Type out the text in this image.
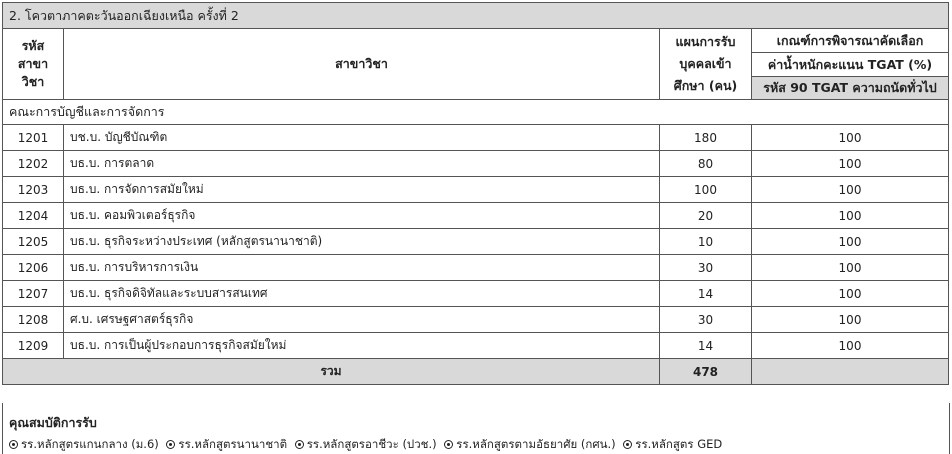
2. โควตาภาคตะวันออกเฉียงเหนือ ครั้งที่ 2			
รหัส สาขาวิชา	สาขาวิชา	แผนการรับ บุคคลเข้าศึกษา (คน)	เกณฑ์การพิจารณาคัดเลือก
			ค่าน้ำหนักคะแนน TGAT (%)
			รหัส 90 TGAT ความถนัดทั่วไป
คณะการบัญชีและการจัดการ			
1201	บช.บ. บัญชีบัณฑิต	180	100
1202	บธ.บ. การตลาด	80	100
1203	บธ.บ. การจัดการสมัยใหม่	100	100
1204	บธ.บ. คอมพิวเตอร์ธุรกิจ	20	100
1205	บธ.บ. ธุรกิจระหว่างประเทศ (หลักสูตรนานาชาติ)	10	100
1206	บธ.บ. การบริหารการเงิน	30	100
1207	บธ.บ. ธุรกิจดิจิทัลและระบบสารสนเทศ	14	100
1208	ศ.บ. เศรษฐศาสตร์ธุรกิจ	30	100
1209	บธ.บ. การเป็นผู้ประกอบการธุรกิจสมัยใหม่	14	100
รวม		478	
คุณสมบัติการรับ
รร.หลักสูตรแกนกลาง (ม.6) รร.หลักสูตรนานาชาติ รร.หลักสูตรอาชีวะ (ปวช.) รร.หลักสูตรตามอัธยาศัย (กศน.) รร.หลักสูตร GED
